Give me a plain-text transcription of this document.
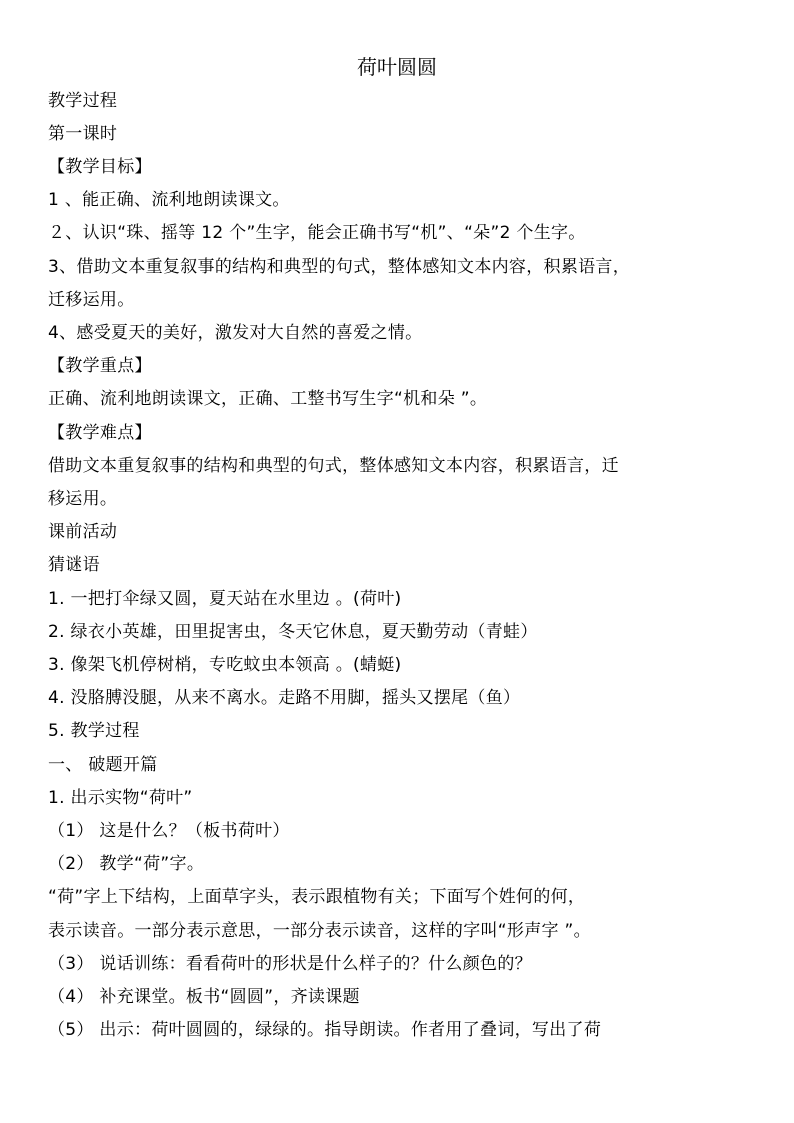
荷叶圆圆
教学过程
第一课时
【教学目标】
1 、能正确、流利地朗读课文。
２、认识“珠、摇等 12 个”生字，能会正确书写“机”、“朵”2 个生字。
3、借助文本重复叙事的结构和典型的句式，整体感知文本内容，积累语言，
迁移运用。
4、感受夏天的美好，激发对大自然的喜爱之情。
【教学重点】
正确、流利地朗读课文，正确、工整书写生字“机和朵 ”。
【教学难点】
借助文本重复叙事的结构和典型的句式，整体感知文本内容，积累语言，迁
移运用。
课前活动
猜谜语
1. 一把打伞绿又圆，夏天站在水里边 。(荷叶)
2. 绿衣小英雄，田里捉害虫，冬天它休息，夏天勤劳动（青蛙）
3. 像架飞机停树梢，专吃蚊虫本领高 。(蜻蜓)
4. 没胳膊没腿，从来不离水。走路不用脚，摇头又摆尾（鱼）
5. 教学过程
一、 破题开篇
1. 出示实物“荷叶”
（1） 这是什么？（板书荷叶）
（2） 教学“荷”字。
“荷”字上下结构，上面草字头，表示跟植物有关；下面写个姓何的何，
表示读音。一部分表示意思，一部分表示读音，这样的字叫“形声字 ”。
（3） 说话训练：看看荷叶的形状是什么样子的？什么颜色的？
（4） 补充课堂。板书“圆圆”，齐读课题
（5） 出示：荷叶圆圆的，绿绿的。指导朗读。作者用了叠词，写出了荷
